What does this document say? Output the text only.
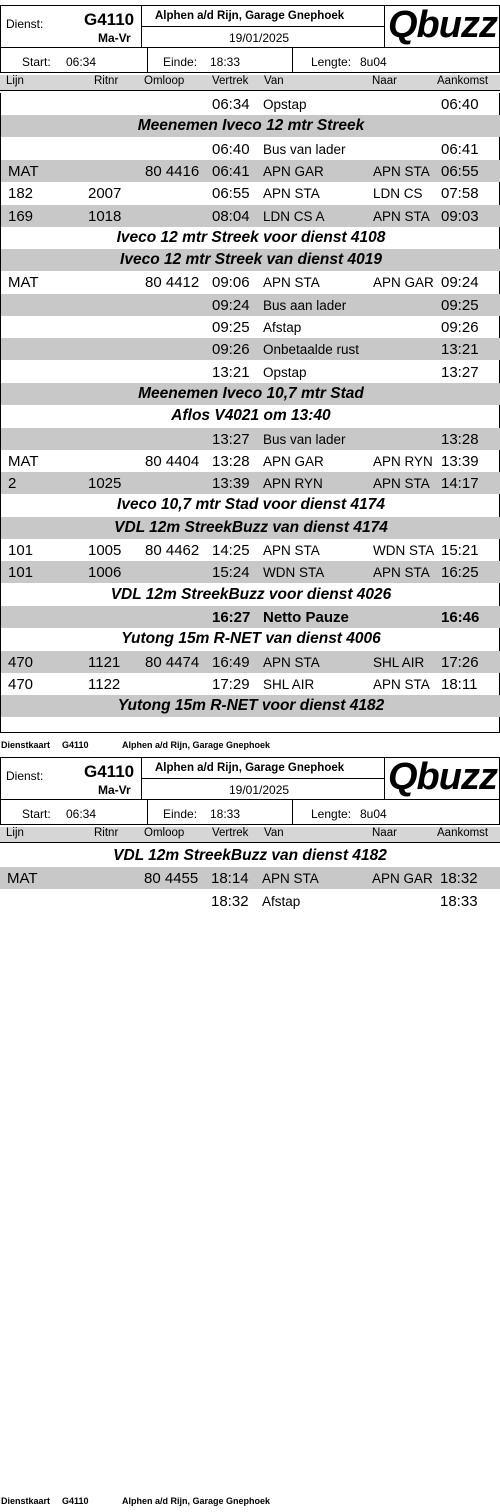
Dienst: G4110
Ma-Vr
Alphen a/d Rijn, Garage Gnephoek
19/01/2025	Qbuzz
Start: 06:34	Einde: 18:33	Lengte: 8u04
Lijn	Ritnr Omloop Vertrek Van	Naar	Aankomst
06:34 Opstap	06:40
Meenemen Iveco 12 mtr Streek
06:40 Bus van lader	06:41
MAT	80 4416 06:41 APN GAR	APN STA 06:55
182	2007	06:55 APN STA	LDN CS 07:58
169	1018	08:04 LDN CS A	APN STA 09:03
Iveco 12 mtr Streek voor dienst 4108
Iveco 12 mtr Streek van dienst 4019
MAT	80 4412 09:06 APN STA	APN GAR 09:24
09:24 Bus aan lader	09:25
09:25 Afstap	09:26
09:26 Onbetaalde rust	13:21
13:21 Opstap	13:27
Meenemen Iveco 10,7 mtr Stad
Aflos V4021 om 13:40
13:27 Bus van lader	13:28
MAT	80 4404 13:28 APN GAR	APN RYN 13:39
2	1025	13:39 APN RYN	APN STA 14:17
Iveco 10,7 mtr Stad voor dienst 4174
VDL 12m StreekBuzz van dienst 4174
101	1005 80 4462 14:25 APN STA	WDN STA 15:21
101	1006	15:24 WDN STA	APN STA 16:25
VDL 12m StreekBuzz voor dienst 4026
16:27 Netto Pauze	16:46
Yutong 15m R-NET van dienst 4006
470	1121 80 4474 16:49 APN STA	SHL AIR 17:26
470	1122	17:29 SHL AIR	APN STA 18:11
Yutong 15m R-NET voor dienst 4182
Dienstkaart G4110	Alphen a/d Rijn, Garage Gnephoek
Dienst: G4110
Ma-Vr
Alphen a/d Rijn, Garage Gnephoek
19/01/2025	Qbuzz
Start: 06:34	Einde: 18:33	Lengte: 8u04
Lijn	Ritnr Omloop Vertrek Van	Naar	Aankomst
VDL 12m StreekBuzz van dienst 4182
MAT	80 4455 18:14 APN STA	APN GAR 18:32
18:32 Afstap	18:33
Dienstkaart G4110	Alphen a/d Rijn, Garage Gnephoek
